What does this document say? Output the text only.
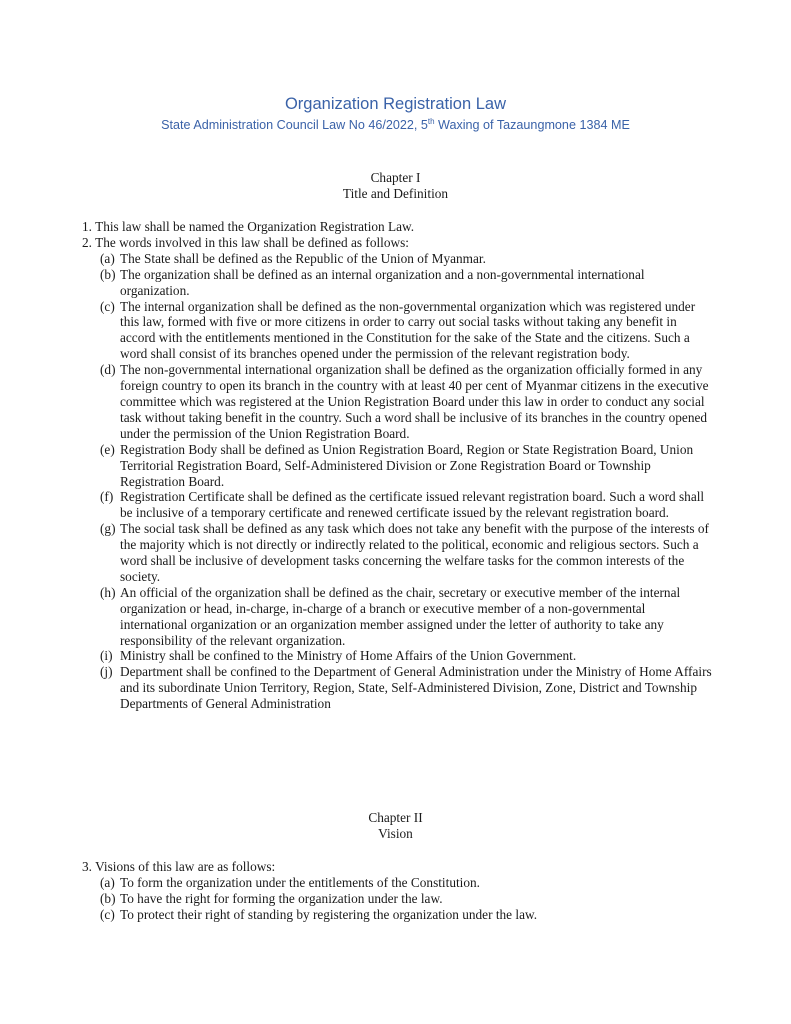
Organization Registration Law
State Administration Council Law No 46/2022, 5th Waxing of Tazaungmone 1384 ME
Chapter I
Title and Definition
1. This law shall be named the Organization Registration Law.
2. The words involved in this law shall be defined as follows:
(a) The State shall be defined as the Republic of the Union of Myanmar.
(b) The organization shall be defined as an internal organization and a non-governmental international organization.
(c) The internal organization shall be defined as the non-governmental organization which was registered under this law, formed with five or more citizens in order to carry out social tasks without taking any benefit in accord with the entitlements mentioned in the Constitution for the sake of the State and the citizens. Such a word shall consist of its branches opened under the permission of the relevant registration body.
(d) The non-governmental international organization shall be defined as the organization officially formed in any foreign country to open its branch in the country with at least 40 per cent of Myanmar citizens in the executive committee which was registered at the Union Registration Board under this law in order to conduct any social task without taking benefit in the country. Such a word shall be inclusive of its branches in the country opened under the permission of the Union Registration Board.
(e) Registration Body shall be defined as Union Registration Board, Region or State Registration Board, Union Territorial Registration Board, Self-Administered Division or Zone Registration Board or Township Registration Board.
(f) Registration Certificate shall be defined as the certificate issued relevant registration board. Such a word shall be inclusive of a temporary certificate and renewed certificate issued by the relevant registration board.
(g) The social task shall be defined as any task which does not take any benefit with the purpose of the interests of the majority which is not directly or indirectly related to the political, economic and religious sectors. Such a word shall be inclusive of development tasks concerning the welfare tasks for the common interests of the society.
(h) An official of the organization shall be defined as the chair, secretary or executive member of the internal organization or head, in-charge, in-charge of a branch or executive member of a non-governmental international organization or an organization member assigned under the letter of authority to take any responsibility of the relevant organization.
(i) Ministry shall be confined to the Ministry of Home Affairs of the Union Government.
(j) Department shall be confined to the Department of General Administration under the Ministry of Home Affairs and its subordinate Union Territory, Region, State, Self-Administered Division, Zone, District and Township Departments of General Administration
Chapter II
Vision
3. Visions of this law are as follows:
(a) To form the organization under the entitlements of the Constitution.
(b) To have the right for forming the organization under the law.
(c) To protect their right of standing by registering the organization under the law.
